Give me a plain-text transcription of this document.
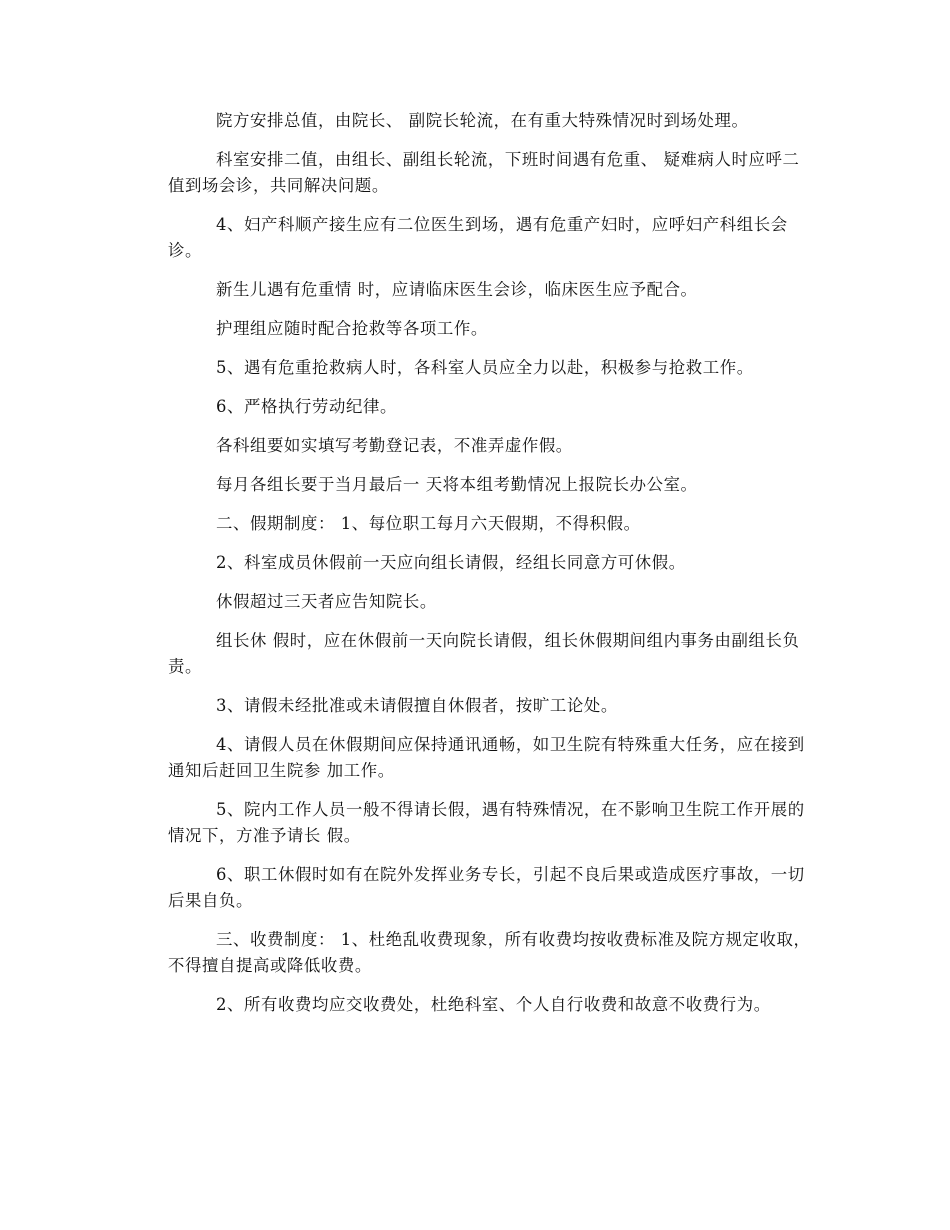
院方安排总值，由院长、 副院长轮流，在有重大特殊情况时到场处理。

科室安排二值，由组长、副组长轮流，下班时间遇有危重、 疑难病人时应呼二值到场会诊，共同解决问题。

4、妇产科顺产接生应有二位医生到场，遇有危重产妇时，应呼妇产科组长会诊。

新生儿遇有危重情 时，应请临床医生会诊，临床医生应予配合。

护理组应随时配合抢救等各项工作。

5、遇有危重抢救病人时，各科室人员应全力以赴，积极参与抢救工作。

6、严格执行劳动纪律。

各科组要如实填写考勤登记表，不准弄虚作假。

每月各组长要于当月最后一 天将本组考勤情况上报院长办公室。

二、假期制度： 1、每位职工每月六天假期，不得积假。

2、科室成员休假前一天应向组长请假，经组长同意方可休假。

休假超过三天者应告知院长。

组长休 假时，应在休假前一天向院长请假，组长休假期间组内事务由副组长负责。

3、请假未经批准或未请假擅自休假者，按旷工论处。

4、请假人员在休假期间应保持通讯通畅，如卫生院有特殊重大任务，应在接到通知后赶回卫生院参 加工作。

5、院内工作人员一般不得请长假，遇有特殊情况，在不影响卫生院工作开展的情况下，方准予请长 假。

6、职工休假时如有在院外发挥业务专长，引起不良后果或造成医疗事故，一切后果自负。

三、收费制度： 1、杜绝乱收费现象，所有收费均按收费标准及院方规定收取，不得擅自提高或降低收费。

2、所有收费均应交收费处，杜绝科室、个人自行收费和故意不收费行为。
